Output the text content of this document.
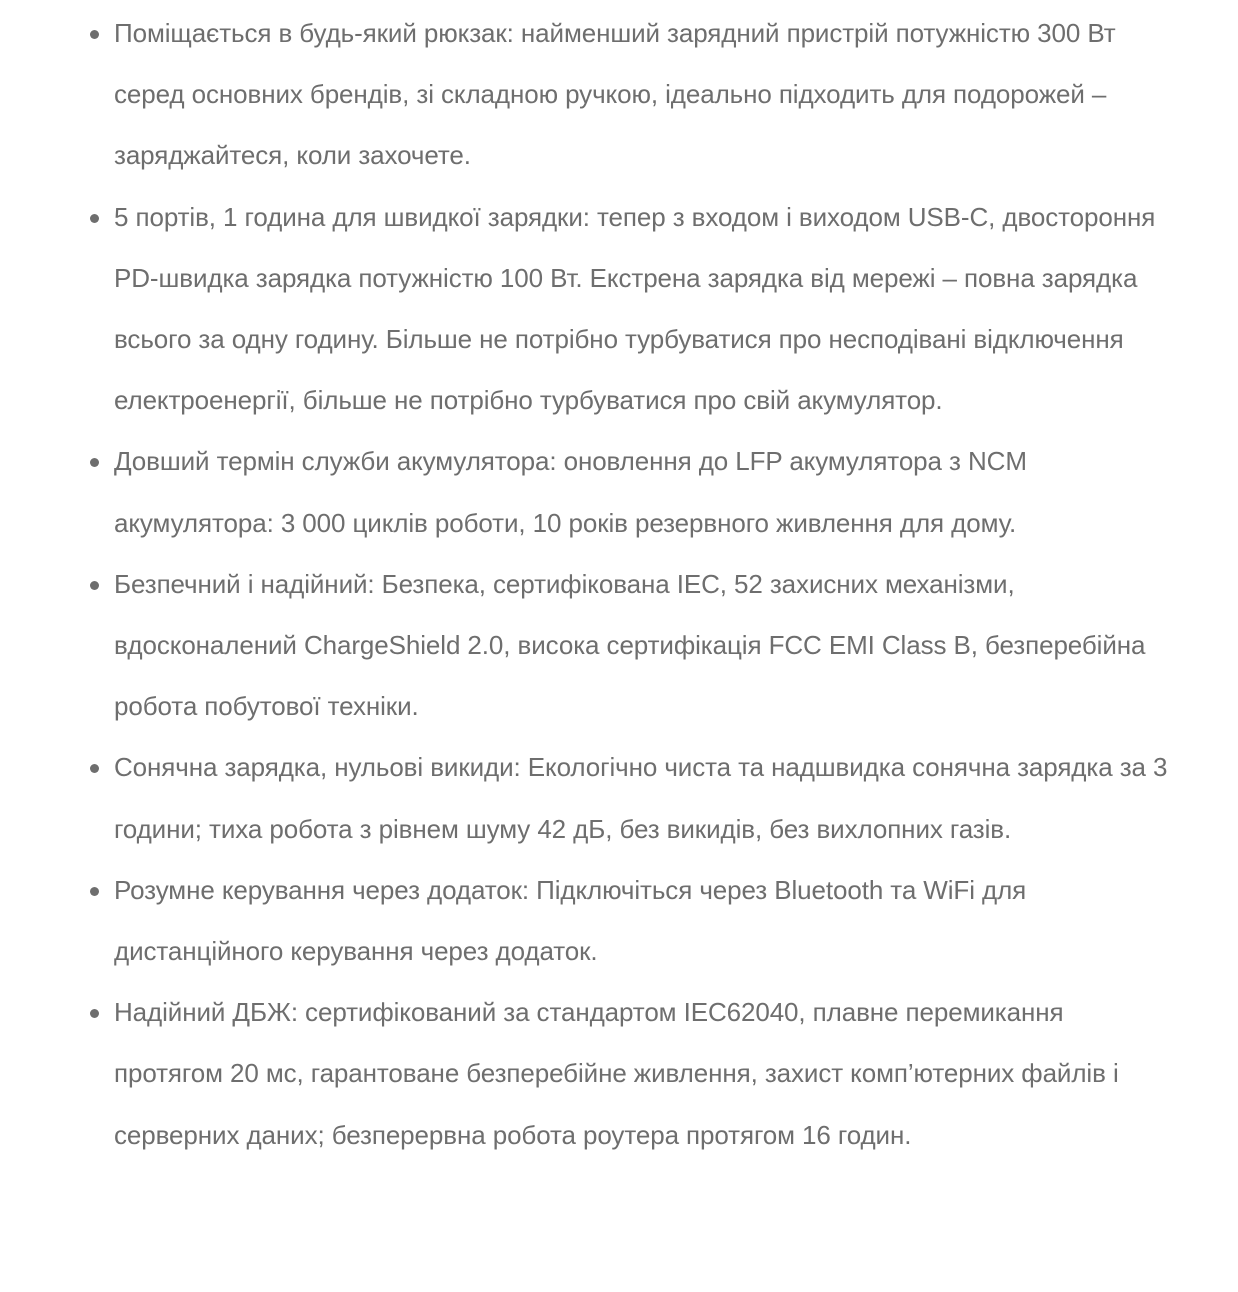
Поміщається в будь-який рюкзак: найменший зарядний пристрій потужністю 300 Вт серед основних брендів, зі складною ручкою, ідеально підходить для подорожей – заряджайтеся, коли захочете.
5 портів, 1 година для швидкої зарядки: тепер з входом і виходом USB-C, двостороння PD-швидка зарядка потужністю 100 Вт. Екстрена зарядка від мережі – повна зарядка всього за одну годину. Більше не потрібно турбуватися про несподівані відключення електроенергії, більше не потрібно турбуватися про свій акумулятор.
Довший термін служби акумулятора: оновлення до LFP акумулятора з NCM акумулятора: 3 000 циклів роботи, 10 років резервного живлення для дому.
Безпечний і надійний: Безпека, сертифікована IEC, 52 захисних механізми, вдосконалений ChargeShield 2.0, висока сертифікація FCC EMI Class B, безперебійна робота побутової техніки.
Сонячна зарядка, нульові викиди: Екологічно чиста та надшвидка сонячна зарядка за 3 години; тиха робота з рівнем шуму 42 дБ, без викидів, без вихлопних газів.
Розумне керування через додаток: Підключіться через Bluetooth та WiFi для дистанційного керування через додаток.
Надійний ДБЖ: сертифікований за стандартом IEC62040, плавне перемикання протягом 20 мс, гарантоване безперебійне живлення, захист комп’ютерних файлів і серверних даних; безперервна робота роутера протягом 16 годин.
